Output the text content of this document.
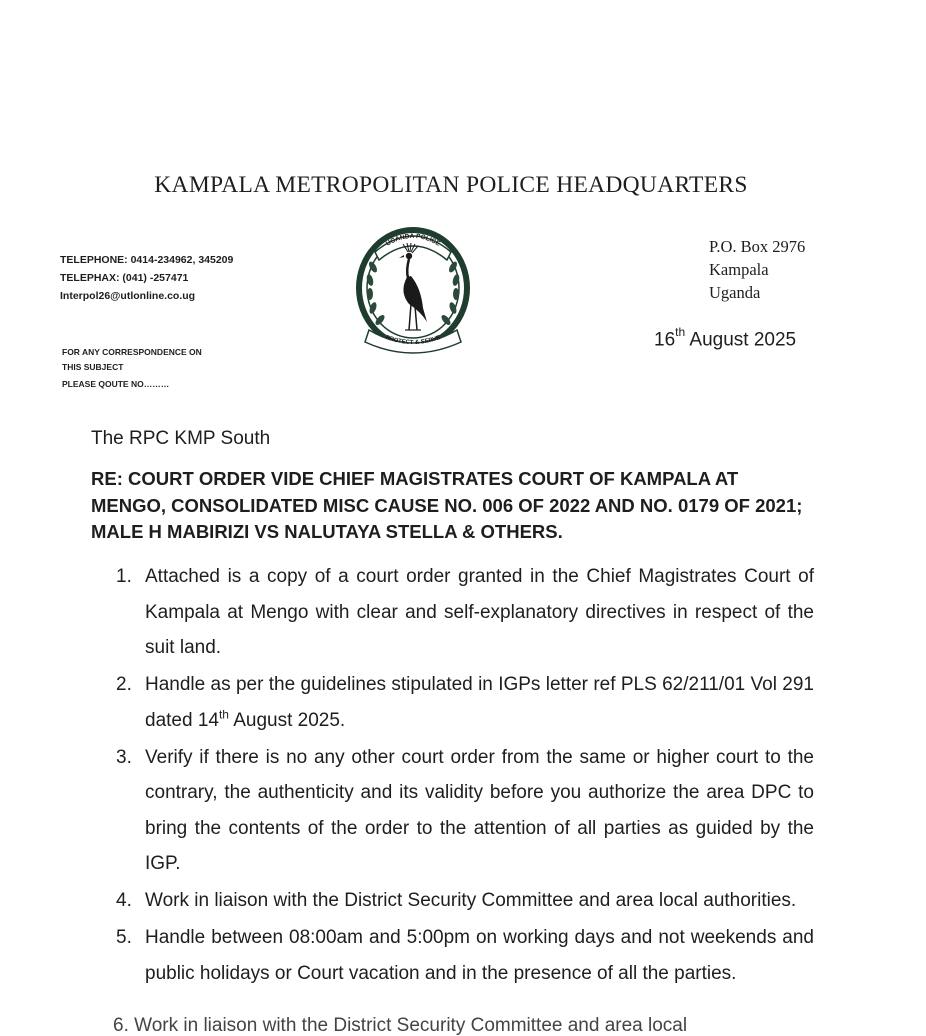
KAMPALA METROPOLITAN POLICE HEADQUARTERS
TELEPHONE: 0414-234962, 345209
TELEPHAX: (041) -257471
Interpol26@utlonline.co.ug
FOR ANY CORRESPONDENCE ON
THIS SUBJECT
PLEASE QOUTE NO………
UGANDA POLICE
PROTECT & SERVE
P.O. Box 2976
Kampala
Uganda
16th August 2025
The RPC KMP South
RE: COURT ORDER VIDE CHIEF MAGISTRATES COURT OF KAMPALA AT MENGO, CONSOLIDATED MISC CAUSE NO. 006 OF 2022 AND NO. 0179 OF 2021; MALE H MABIRIZI VS NALUTAYA STELLA & OTHERS.
1. Attached is a copy of a court order granted in the Chief Magistrates Court of Kampala at Mengo with clear and self-explanatory directives in respect of the suit land.
2. Handle as per the guidelines stipulated in IGPs letter ref PLS 62/211/01 Vol 291 dated 14th August 2025.
3. Verify if there is no any other court order from the same or higher court to the contrary, the authenticity and its validity before you authorize the area DPC to bring the contents of the order to the attention of all parties as guided by the IGP.
4. Work in liaison with the District Security Committee and area local authorities.
5. Handle between 08:00am and 5:00pm on working days and not weekends and public holidays or Court vacation and in the presence of all the parties.
6. Work in liaison with the District Security Committee and area local
